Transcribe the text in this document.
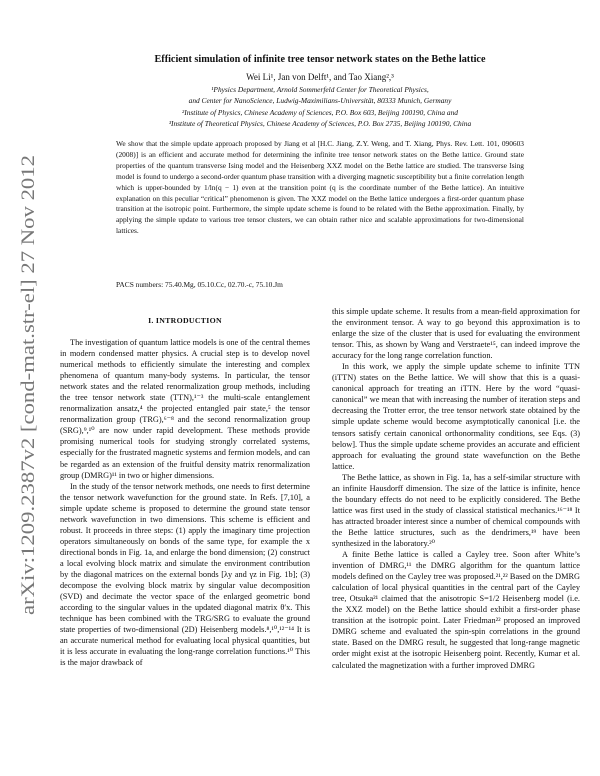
arXiv:1209.2387v2 [cond-mat.str-el] 27 Nov 2012
Efficient simulation of infinite tree tensor network states on the Bethe lattice
Wei Li¹, Jan von Delft¹, and Tao Xiang²,³
¹Physics Department, Arnold Sommerfeld Center for Theoretical Physics,
and Center for NanoScience, Ludwig-Maximilians-Universität, 80333 Munich, Germany
²Institute of Physics, Chinese Academy of Sciences, P.O. Box 603, Beijing 100190, China and
³Institute of Theoretical Physics, Chinese Academy of Sciences, P.O. Box 2735, Beijing 100190, China
We show that the simple update approach proposed by Jiang et al [H.C. Jiang, Z.Y. Weng, and T. Xiang, Phys. Rev. Lett. 101, 090603 (2008)] is an efficient and accurate method for determining the infinite tree tensor network states on the Bethe lattice. Ground state properties of the quantum transverse Ising model and the Heisenberg XXZ model on the Bethe lattice are studied. The transverse Ising model is found to undergo a second-order quantum phase transition with a diverging magnetic susceptibility but a finite correlation length which is upper-bounded by 1/ln(q − 1) even at the transition point (q is the coordinate number of the Bethe lattice). An intuitive explanation on this peculiar “critical” phenomenon is given. The XXZ model on the Bethe lattice undergoes a first-order quantum phase transition at the isotropic point. Furthermore, the simple update scheme is found to be related with the Bethe approximation. Finally, by applying the simple update to various tree tensor clusters, we can obtain rather nice and scalable approximations for two-dimensional lattices.
PACS numbers: 75.40.Mg, 05.10.Cc, 02.70.-c, 75.10.Jm
I. INTRODUCTION

The investigation of quantum lattice models is one of the central themes in modern condensed matter physics. A crucial step is to develop novel numerical methods to efficiently simulate the interesting and complex phenomena of quantum many-body systems. In particular, the tensor network states and the related renormalization group methods, including the tree tensor network state (TTN),¹⁻³ the multi-scale entanglement renormalization ansatz,⁴ the projected entangled pair state,⁵ the tensor renormalization group (TRG),⁶⁻⁸ and the second renormalization group (SRG),⁹,¹⁰ are now under rapid development. These methods provide promising numerical tools for studying strongly correlated systems, especially for the frustrated magnetic systems and fermion models, and can be regarded as an extension of the fruitful density matrix renormalization group (DMRG)¹¹ in two or higher dimensions.

In the study of the tensor network methods, one needs to first determine the tensor network wavefunction for the ground state. In Refs. [7,10], a simple update scheme is proposed to determine the ground state tensor network wavefunction in two dimensions. This scheme is efficient and robust. It proceeds in three steps: (1) apply the imaginary time projection operators simultaneously on bonds of the same type, for example the x directional bonds in Fig. 1a, and enlarge the bond dimension; (2) construct a local evolving block matrix and simulate the environment contribution by the diagonal matrices on the external bonds [λy and γz in Fig. 1b]; (3) decompose the evolving block matrix by singular value decomposition (SVD) and decimate the vector space of the enlarged geometric bond according to the singular values in the updated diagonal matrix θ′x. This technique has been combined with the TRG/SRG to evaluate the ground state properties of two-dimensional (2D) Heisenberg models.⁸,¹⁰,¹²⁻¹⁴ It is an accurate numerical method for evaluating local physical quantities, but it is less accurate in evaluating the long-range correlation functions.¹⁰ This is the major drawback of

this simple update scheme. It results from a mean-field approximation for the environment tensor. A way to go beyond this approximation is to enlarge the size of the cluster that is used for evaluating the environment tensor. This, as shown by Wang and Verstraete¹⁵, can indeed improve the accuracy for the long range correlation function.

In this work, we apply the simple update scheme to infinite TTN (iTTN) states on the Bethe lattice. We will show that this is a quasi-canonical approach for treating an iTTN. Here by the word “quasi-canonical” we mean that with increasing the number of iteration steps and decreasing the Trotter error, the tree tensor network state obtained by the simple update scheme would become asymptotically canonical [i.e. the tensors satisfy certain canonical orthonormality conditions, see Eqs. (3) below]. Thus the simple update scheme provides an accurate and efficient approach for evaluating the ground state wavefunction on the Bethe lattice.

The Bethe lattice, as shown in Fig. 1a, has a self-similar structure with an infinite Hausdorff dimension. The size of the lattice is infinite, hence the boundary effects do not need to be explicitly considered. The Bethe lattice was first used in the study of classical statistical mechanics.¹⁶⁻¹⁸ It has attracted broader interest since a number of chemical compounds with the Bethe lattice structures, such as the dendrimers,¹⁹ have been synthesized in the laboratory.²⁰

A finite Bethe lattice is called a Cayley tree. Soon after White’s invention of DMRG,¹¹ the DMRG algorithm for the quantum lattice models defined on the Cayley tree was proposed.²¹,²² Based on the DMRG calculation of local physical quantities in the central part of the Cayley tree, Otsuka²¹ claimed that the anisotropic S=1/2 Heisenberg model (i.e. the XXZ model) on the Bethe lattice should exhibit a first-order phase transition at the isotropic point. Later Friedman²² proposed an improved DMRG scheme and evaluated the spin-spin correlations in the ground state. Based on the DMRG result, he suggested that long-range magnetic order might exist at the isotropic Heisenberg point. Recently, Kumar et al. calculated the magnetization with a further improved DMRG
